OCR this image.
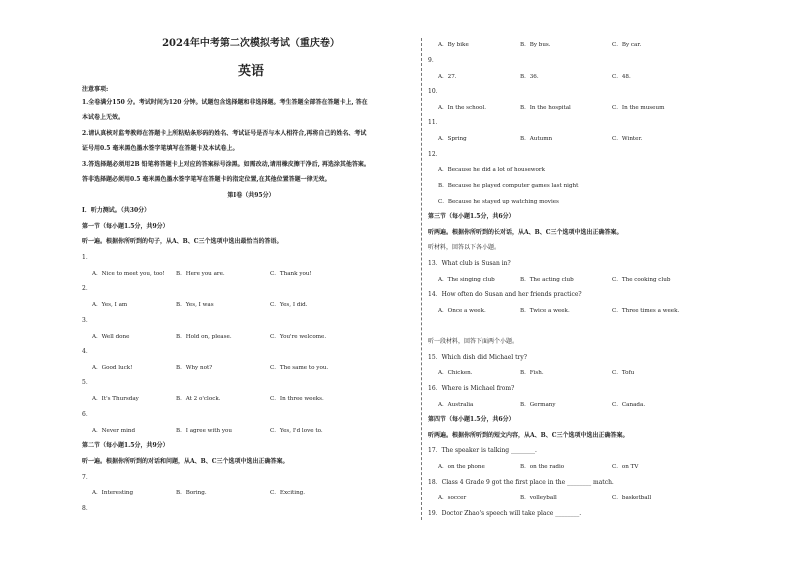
2024年中考第二次模拟考试（重庆卷）
英语
注意事项:
1.全卷满分150 分。考试时间为120 分钟。试题包含选择题和非选择题。考生答题全部答在答题卡上, 答在
本试卷上无效。
2.请认真核对监考教师在答题卡上所粘贴条形码的姓名、考试证号是否与本人相符合,再将自己的姓名、考试
证号用0.5 毫米黑色墨水签字笔填写在答题卡及本试卷上。
3.答选择题必须用2B 铅笔将答题卡上对应的答案标号涂黑。如需改动,请用橡皮擦干净后, 再选涂其他答案。
答非选择题必须用0.5 毫米黑色墨水签字笔写在答题卡的指定位置,在其他位置答题一律无效。
第Ⅰ卷（共95分）
Ⅰ．听力测试。（共30分）
第一节（每小题1.5分，共9分）
听一遍。根据你所听到的句子，从A、B、C三个选项中选出最恰当的答语。
1．
A．Nice to meet you, too! B．Here you are.	C．Thank you!
2．
A．Yes, I am	B．Yes, I was	C．Yes, I did.
3．
A．Well done	B．Hold on, please.	C．You're welcome.
4．
A．Good luck!	B．Why not?	C．The same to you.
5．
A．It's Thursday	B．At 2 o'clock.	C．In three weeks.
6．
A．Never mind	B．I agree with you	C．Yes, I'd love to.
第二节（每小题1.5分，共9分）
听一遍。根据你所听到的对话和问题，从A、B、C三个选项中选出正确答案。
7．
A．Interesting	B．Boring.	C．Exciting.
8．
A．By bike	B．By bus.	C．By car.
9．
A．27.	B．36.	C．48.
10．
A．In the school.	B．In the hospital	C．In the museum
11．
A．Spring	B．Autumn	C．Winter.
12．
A．Because he did a lot of housework
B．Because he played computer games last night
C．Because he stayed up watching movies
第三节（每小题1.5分，共6分）
听两遍。根据你所听到的长对话，从A、B、C三个选项中选出正确答案。
听材料，回答以下各小题。
13．What club is Susan in?
A．The singing club	B．The acting club	C．The cooking club
14．How often do Susan and her friends practice?
A．Once a week.	B．Twice a week.	C．Three times a week.
听一段材料，回答下面两个小题。
15．Which dish did Michael try?
A．Chicken.	B．Fish.	C．Tofu
16．Where is Michael from?
A．Australia	B．Germany	C．Canada.
第四节（每小题1.5分，共6分）
听两遍。根据你所听到的短文内容，从A、B、C三个选项中选出正确答案。
17．The speaker is talking ________.
A．on the phone	B．on the radio	C．on TV
18．Class 4 Grade 9 got the first place in the ________ match.
A．soccer	B．volleyball	C．basketball
19．Doctor Zhao's speech will take place ________.
